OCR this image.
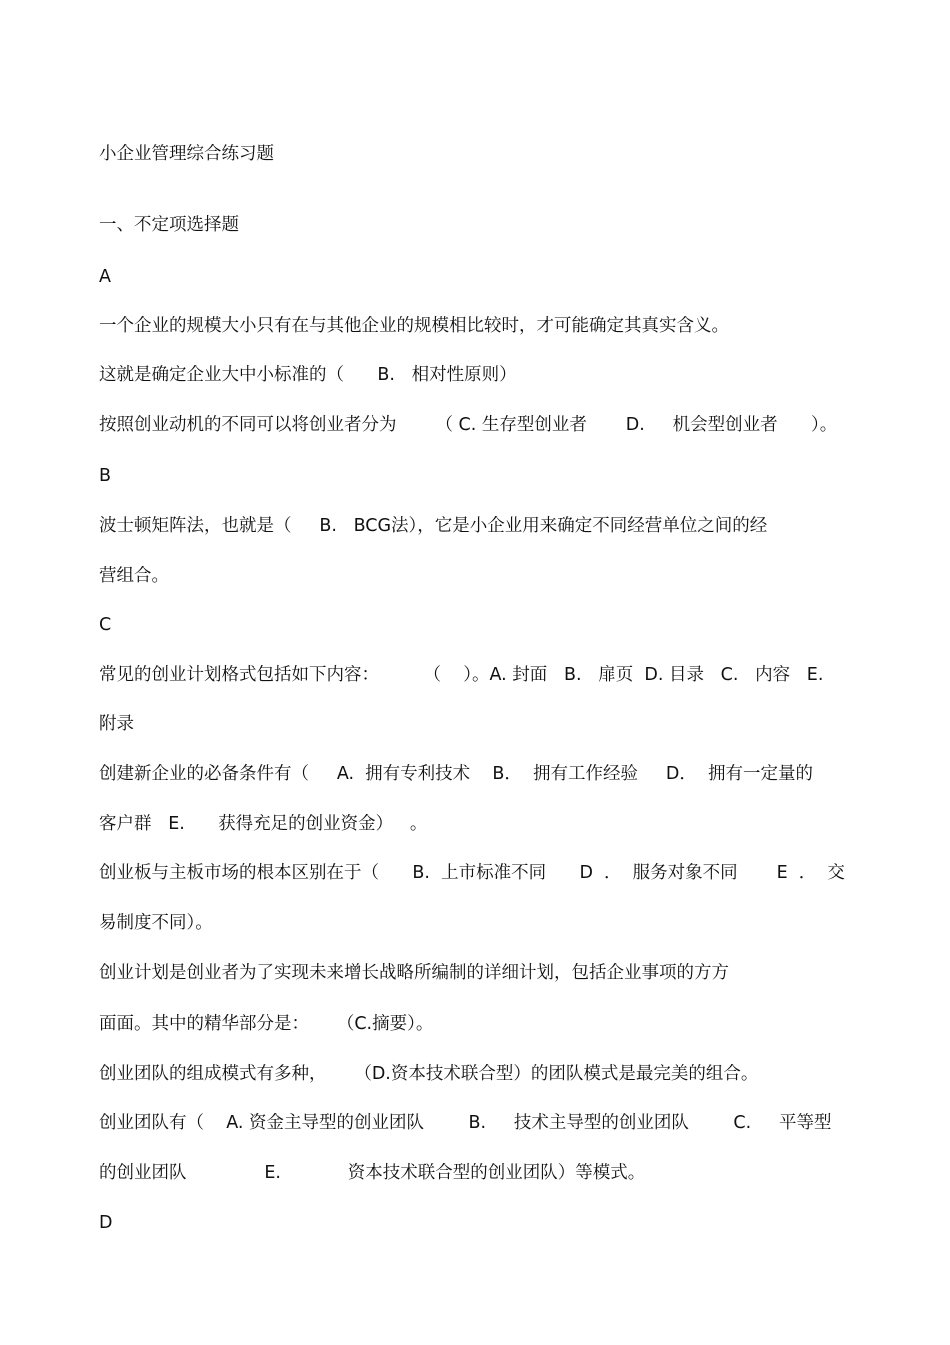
小企业管理综合练习题

一、不定项选择题

A

一个企业的规模大小只有在与其他企业的规模相比较时，才可能确定其真实含义。

这就是确定企业大中小标准的（      B.   相对性原则）

按照创业动机的不同可以将创业者分为       （ C. 生存型创业者       D.     机会型创业者      ）。

B

波士顿矩阵法，也就是（     B.   BCG法），它是小企业用来确定不同经营单位之间的经

营组合。

C

常见的创业计划格式包括如下内容：        （    ）。A. 封面   B.   扉页  D. 目录   C.   内容   E.

附录

创建新企业的必备条件有（     A.  拥有专利技术    B．  拥有工作经验     D．  拥有一定量的

客户群   E.      获得充足的创业资金）   。

创业板与主板市场的根本区别在于（      B.  上市标准不同      D  ．  服务对象不同       E  ．  交

易制度不同）。

创业计划是创业者为了实现未来增长战略所编制的详细计划，包括企业事项的方方

面面。其中的精华部分是：     （C.摘要）。

创业团队的组成模式有多种，     （D.资本技术联合型）的团队模式是最完美的组合。

创业团队有（    A. 资金主导型的创业团队        B.     技术主导型的创业团队        C.     平等型

的创业团队              E.            资本技术联合型的创业团队）等模式。

D
